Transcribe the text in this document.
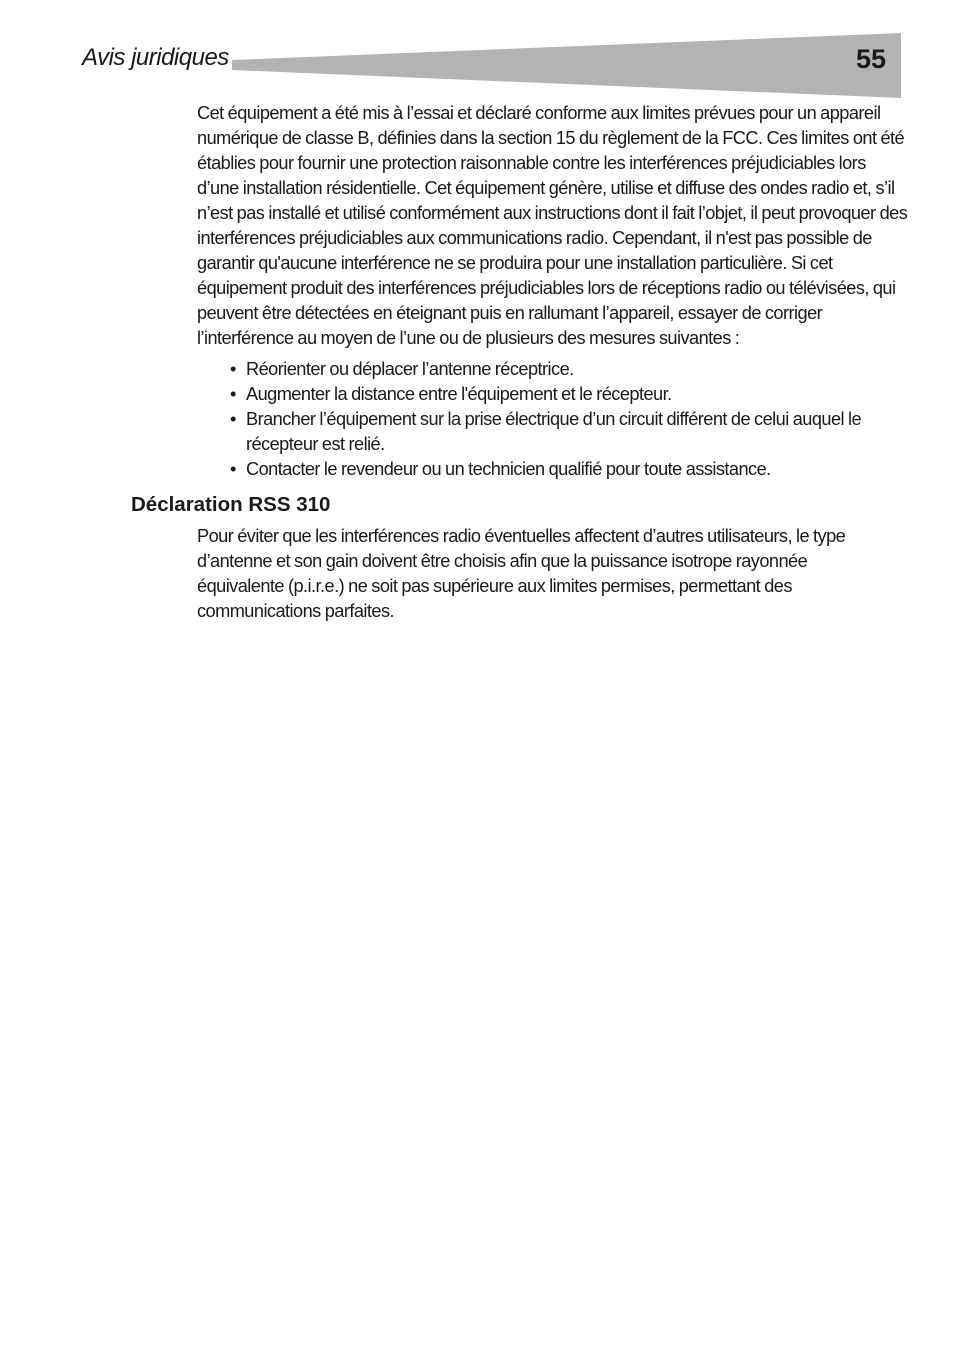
Avis juridiques	55

Cet équipement a été mis à l’essai et déclaré conforme aux limites prévues pour un appareil numérique de classe B, définies dans la section 15 du règlement de la FCC. Ces limites ont été établies pour fournir une protection raisonnable contre les interférences préjudiciables lors d’une installation résidentielle. Cet équipement génère, utilise et diffuse des ondes radio et, s’il n’est pas installé et utilisé conformément aux instructions dont il fait l’objet, il peut provoquer des interférences préjudiciables aux communications radio. Cependant, il n'est pas possible de garantir qu'aucune interférence ne se produira pour une installation particulière. Si cet équipement produit des interférences préjudiciables lors de réceptions radio ou télévisées, qui peuvent être détectées en éteignant puis en rallumant l’appareil, essayer de corriger l’interférence au moyen de l’une ou de plusieurs des mesures suivantes :

• Réorienter ou déplacer l’antenne réceptrice.
• Augmenter la distance entre l'équipement et le récepteur.
• Brancher l’équipement sur la prise électrique d’un circuit différent de celui auquel le récepteur est relié.
• Contacter le revendeur ou un technicien qualifié pour toute assistance.
Déclaration RSS 310

Pour éviter que les interférences radio éventuelles affectent d’autres utilisateurs, le type d’antenne et son gain doivent être choisis afin que la puissance isotrope rayonnée équivalente (p.i.r.e.) ne soit pas supérieure aux limites permises, permettant des communications parfaites.
